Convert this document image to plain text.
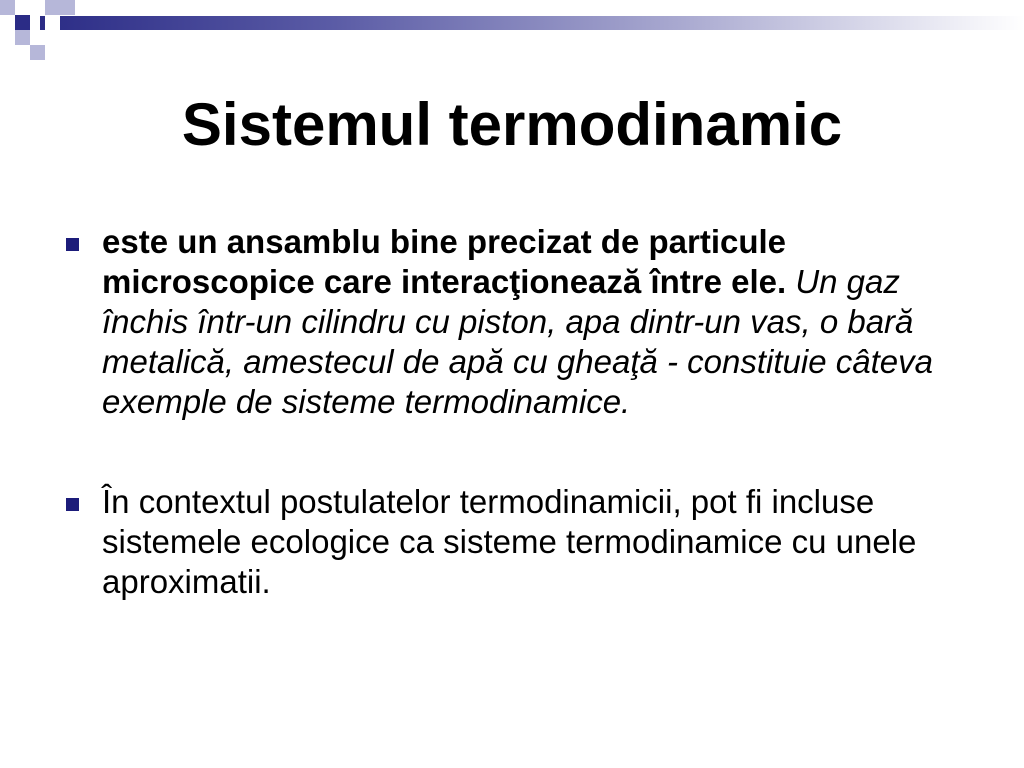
Sistemul termodinamic
este un ansamblu bine precizat de particule microscopice care interacţionează între ele. Un gaz închis într-un cilindru cu piston, apa dintr-un vas, o bară metalică, amestecul de apă cu gheaţă - constituie câteva exemple de sisteme termodinamice.
În contextul postulatelor termodinamicii, pot fi incluse sistemele ecologice ca sisteme termodinamice cu unele aproximatii.
